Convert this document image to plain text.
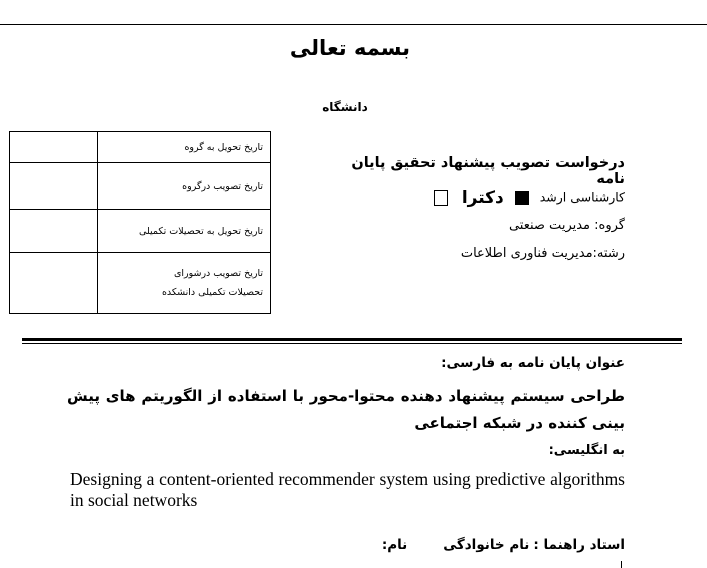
بسمه تعالی
دانشگاه
	تاریخ تحویل به گروه
	تاریخ تصویب درگروه
	تاریخ تحویل به تحصیلات تکمیلی

	تاریخ تصویب درشورای
تحصیلات تکمیلی دانشکده
درخواست تصویب پیشنهاد تحقیق پایان نامه
کارشناسی ارشد  دکترا
گروه: مدیریت صنعتی
رشته:مدیریت فناوری اطلاعات
عنوان پایان نامه به فارسی:
طراحی سیستم پیشنهاد دهنده محتوا-محور با استفاده از الگوریتم های پیش بینی کننده در شبکه اجتماعی
به انگلیسی:
Designing a content-oriented recommender system using predictive algorithms in social networks
استاد راهنما :نام خانوادگینام:
